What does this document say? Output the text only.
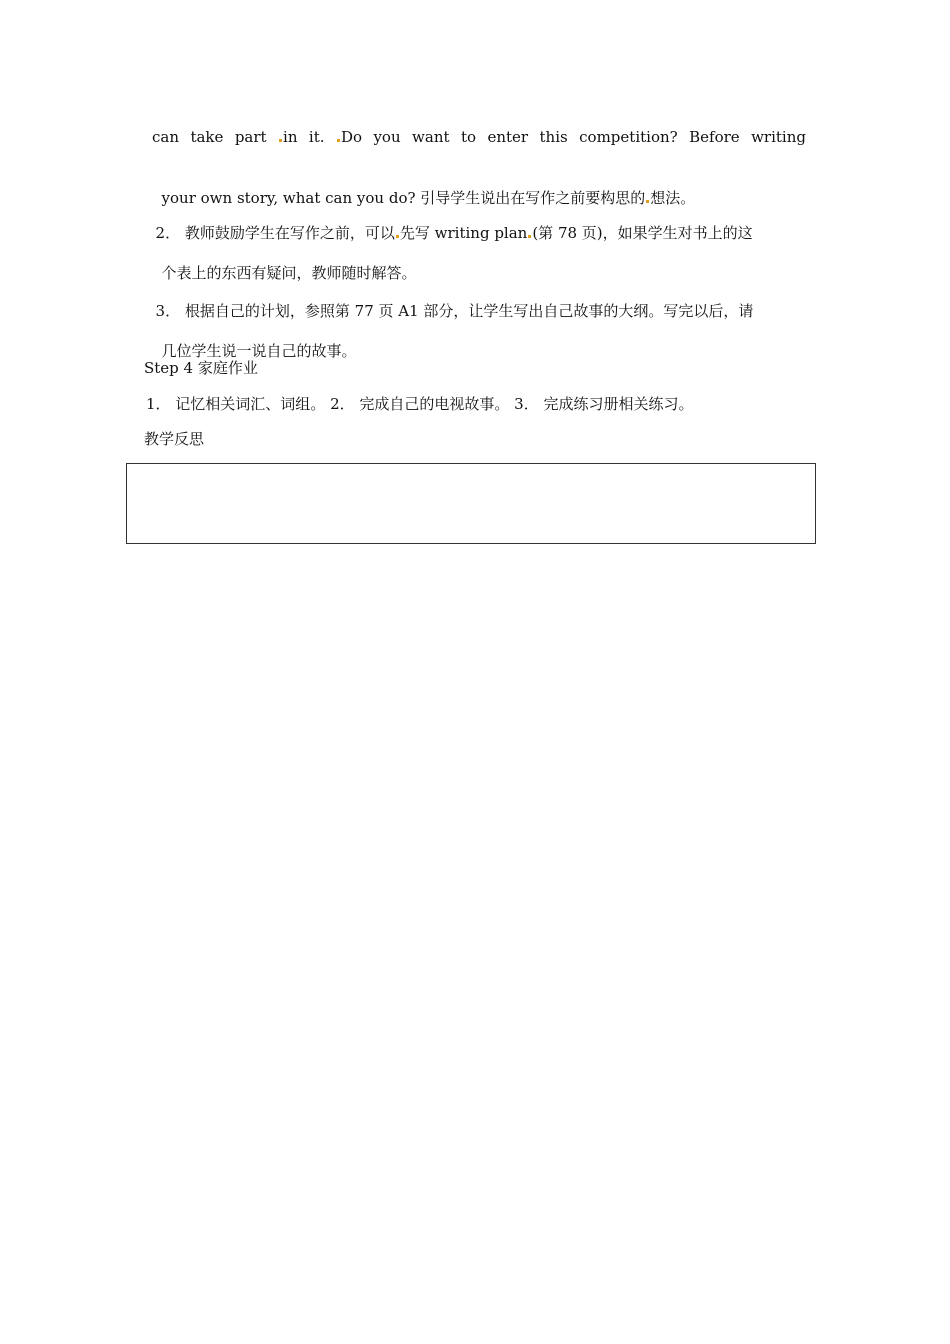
can take part in it. Do you want to enter this competition? Before writing

your own story, what can you do? 引导学生说出在写作之前要构思的 想法。

2． 教师鼓励学生在写作之前，可以 先写 writing plan (第 78 页)，如果学生对书上的这

个表上的东西有疑问，教师随时解答。

3． 根据自己的计划，参照第 77 页 A1 部分，让学生写出自己故事的大纲。写完以后，请

几位学生说一说自己的故事。

Step 4 家庭作业
1． 记忆相关词汇、词组。 2． 完成自己的电视故事。 3． 完成练习册相关练习。
教学反思
